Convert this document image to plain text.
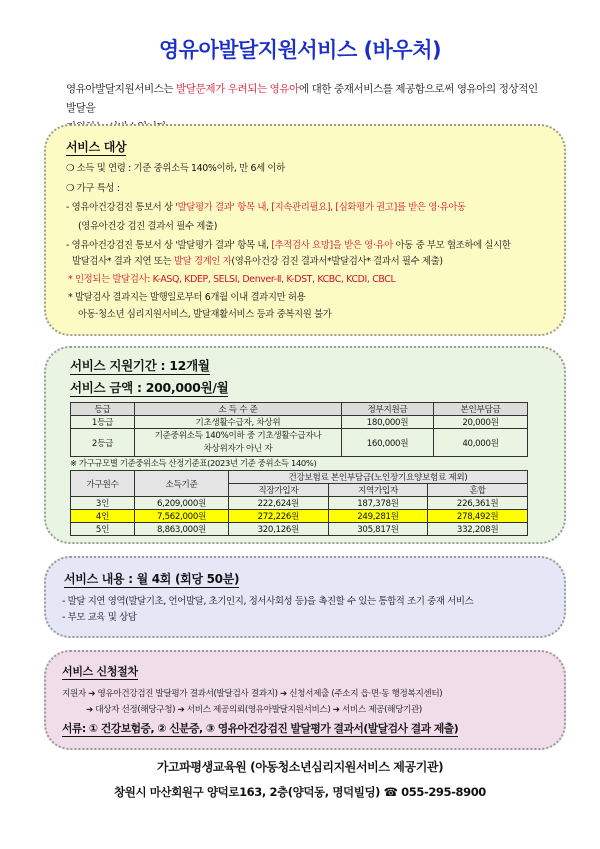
영유아발달지원서비스 (바우처)
영유아발달지원서비스는 발달문제가 우려되는 영유아에 대한 중재서비스를 제공함으로써 영유아의 정상적인 발달을

서비스 대상
❍ 소득 및 연령 : 기준 중위소득 140%이하, 만 6세 이하
❍ 가구 특성 :
- 영유아건강검진 통보서 상 '발달평가 결과' 항목 내, [지속관리필요], [심화평가 권고]를 받은 영·유아동
(영유아건강 검진 결과서 필수 제출)
- 영유아건강검진 통보서 상 '발달평가 결과' 항목 내, [추적검사 요망]을 받은 영·유아 아동 중 부모 협조하에 실시한
발달검사* 결과 지연 또는 발달 경계인 자(영유아건강 검진 결과서*발달검사* 결과서 필수 제출)
* 인정되는 발달검사: K-ASQ, KDEP, SELSI, Denver-Ⅱ, K-DST, KCBC, KCDI, CBCL
* 발달검사 결과지는 발행일로부터 6개월 이내 결과지만 허용
아동·청소년 심리지원서비스, 발달재활서비스 등과 중복지원 불가
서비스 지원기간 : 12개월
서비스 금액 : 200,000원/월
등급	소 득 수 준	정부지원금	본인부담금
1등급	기초생활수급자, 차상위	180,000원	20,000원
2등급	기준중위소득 140%이하 중 기초생활수급자나
차상위자가 아닌 자	160,000원	40,000원
※ 가구규모별 기준중위소득 산정기준표(2023년 기준 중위소득 140%)
가구원수	소득기준	건강보험료 본인부담금(노인장기요양보험료 제외)		
		직장가입자	지역가입자	혼합
3인	6,209,000원	222,624원	187,378원	226,361원
4인	7,562,000원	272,226원	249,281원	278,492원
5인	8,863,000원	320,126원	305,817원	332,208원
서비스 내용 : 월 4회 (회당 50분)
- 발달 지연 영역(발달기초, 언어발달, 초기인지, 정서사회성 등)을 촉진할 수 있는 통합적 조기 중재 서비스
- 부모 교육 및 상담
서비스 신청절차
지원자 ➔ 영유아건강검진 발달평가 결과서(발달검사 결과지) ➔ 신청서제출 (주소지 읍·면·동 행정복지센터)
➔ 대상자 선정(해당구청) ➔ 서비스 제공의뢰(영유아발달지원서비스) ➔ 서비스 제공(해당기관)
서류: ① 건강보험증, ② 신분증, ③ 영유아건강검진 발달평가 결과서(발달검사 결과 제출)
가고파평생교육원 (아동청소년심리지원서비스 제공기관)
창원시 마산회원구 양덕로163, 2층(양덕동, 명덕빌딩) ☎ 055-295-8900
